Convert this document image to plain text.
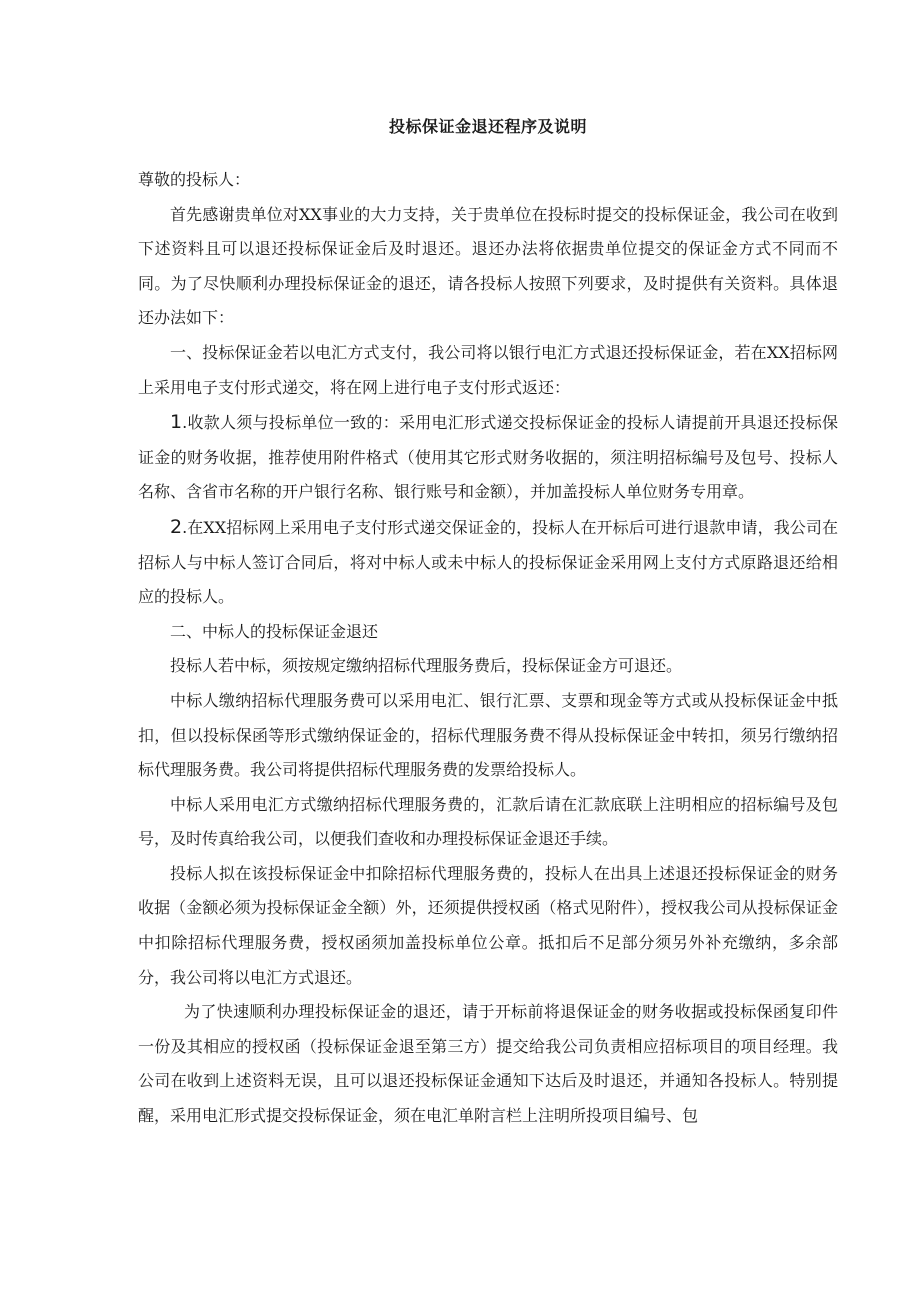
投标保证金退还程序及说明

尊敬的投标人：

首先感谢贵单位对XX事业的大力支持，关于贵单位在投标时提交的投标保证金，我公司在收到下述资料且可以退还投标保证金后及时退还。退还办法将依据贵单位提交的保证金方式不同而不同。为了尽快顺利办理投标保证金的退还，请各投标人按照下列要求，及时提供有关资料。具体退还办法如下：

一、投标保证金若以电汇方式支付，我公司将以银行电汇方式退还投标保证金，若在XX招标网上采用电子支付形式递交，将在网上进行电子支付形式返还：

1.收款人须与投标单位一致的：采用电汇形式递交投标保证金的投标人请提前开具退还投标保证金的财务收据，推荐使用附件格式（使用其它形式财务收据的，须注明招标编号及包号、投标人名称、含省市名称的开户银行名称、银行账号和金额），并加盖投标人单位财务专用章。

2.在XX招标网上采用电子支付形式递交保证金的，投标人在开标后可进行退款申请，我公司在招标人与中标人签订合同后，将对中标人或未中标人的投标保证金采用网上支付方式原路退还给相应的投标人。

二、中标人的投标保证金退还

投标人若中标，须按规定缴纳招标代理服务费后，投标保证金方可退还。

中标人缴纳招标代理服务费可以采用电汇、银行汇票、支票和现金等方式或从投标保证金中抵扣，但以投标保函等形式缴纳保证金的，招标代理服务费不得从投标保证金中转扣，须另行缴纳招标代理服务费。我公司将提供招标代理服务费的发票给投标人。

中标人采用电汇方式缴纳招标代理服务费的，汇款后请在汇款底联上注明相应的招标编号及包号，及时传真给我公司，以便我们查收和办理投标保证金退还手续。

投标人拟在该投标保证金中扣除招标代理服务费的，投标人在出具上述退还投标保证金的财务收据（金额必须为投标保证金全额）外，还须提供授权函（格式见附件），授权我公司从投标保证金中扣除招标代理服务费，授权函须加盖投标单位公章。抵扣后不足部分须另外补充缴纳，多余部分，我公司将以电汇方式退还。

为了快速顺利办理投标保证金的退还，请于开标前将退保证金的财务收据或投标保函复印件一份及其相应的授权函（投标保证金退至第三方）提交给我公司负责相应招标项目的项目经理。我公司在收到上述资料无误，且可以退还投标保证金通知下达后及时退还，并通知各投标人。特别提醒，采用电汇形式提交投标保证金，须在电汇单附言栏上注明所投项目编号、包
